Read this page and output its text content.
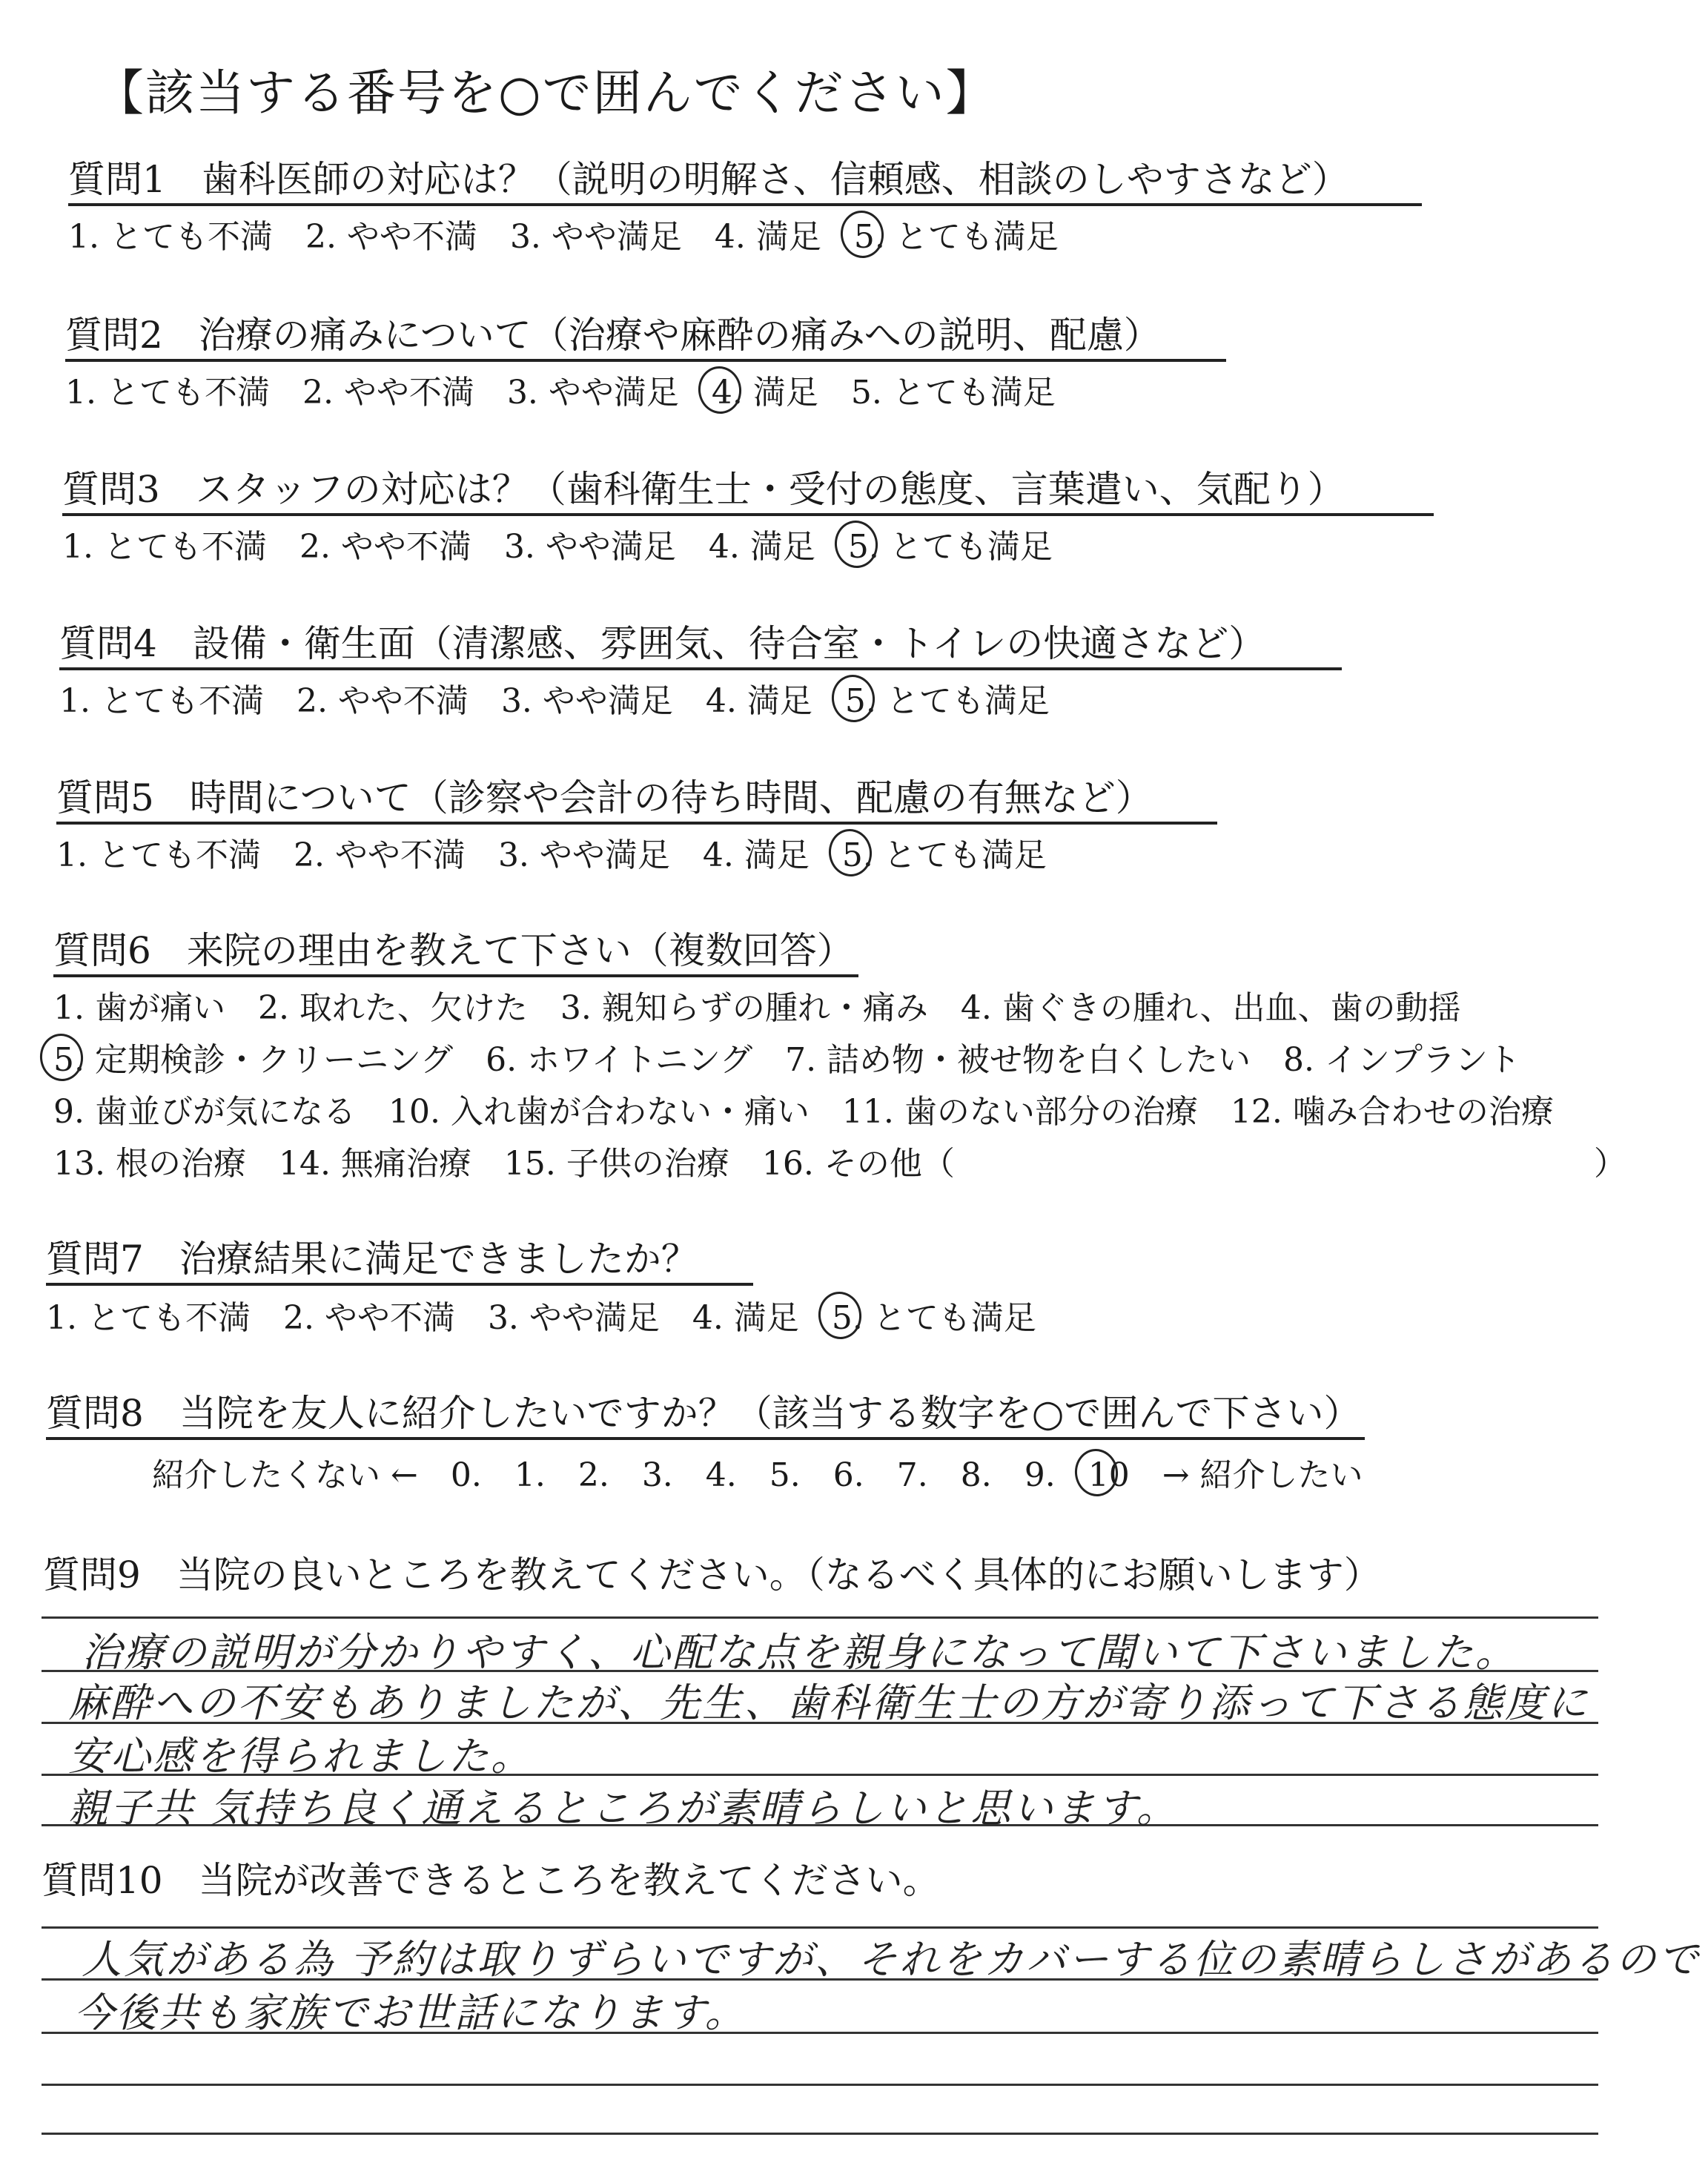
【該当する番号を○で囲んでください】
質問1 歯科医師の対応は？（説明の明解さ、信頼感、相談のしやすさなど）
1. とても不満 2. やや不満 3. やや満足 4. 満足 5. とても満足
質問2 治療の痛みについて（治療や麻酔の痛みへの説明、配慮）
1. とても不満 2. やや不満 3. やや満足 4. 満足 5. とても満足
質問3 スタッフの対応は？（歯科衛生士・受付の態度、言葉遣い、気配り）
1. とても不満 2. やや不満 3. やや満足 4. 満足 5. とても満足
質問4 設備・衛生面（清潔感、雰囲気、待合室・トイレの快適さなど）
1. とても不満 2. やや不満 3. やや満足 4. 満足 5. とても満足
質問5 時間について（診察や会計の待ち時間、配慮の有無など）
1. とても不満 2. やや不満 3. やや満足 4. 満足 5. とても満足
質問6 来院の理由を教えて下さい（複数回答）
1. 歯が痛い　2. 取れた、欠けた　3. 親知らずの腫れ・痛み　4. 歯ぐきの腫れ、出血、歯の動揺
5. 定期検診・クリーニング　6. ホワイトニング　7. 詰め物・被せ物を白くしたい　8. インプラント
9. 歯並びが気になる　10. 入れ歯が合わない・痛い　11. 歯のない部分の治療　12. 噛み合わせの治療
13. 根の治療　14. 無痛治療　15. 子供の治療　16. その他（	）
質問7 治療結果に満足できましたか？
1. とても不満 2. やや不満 3. やや満足 4. 満足 5. とても満足
質問8 当院を友人に紹介したいですか？（該当する数字を○で囲んで下さい）
紹介したくない ← 0. 1. 2. 3. 4. 5. 6. 7. 8. 9. 10 → 紹介したい
質問9 当院の良いところを教えてください。（なるべく具体的にお願いします）
治療の説明が分かりやすく、心配な点を親身になって聞いて下さいました。
麻酔への不安もありましたが、先生、歯科衛生士の方が寄り添って下さる態度に
安心感を得られました。
親子共 気持ち良く通えるところが素晴らしいと思います。
質問10 当院が改善できるところを教えてください。
人気がある為 予約は取りずらいですが、それをカバーする位の素晴らしさがあるので
今後共も家族でお世話になります。
